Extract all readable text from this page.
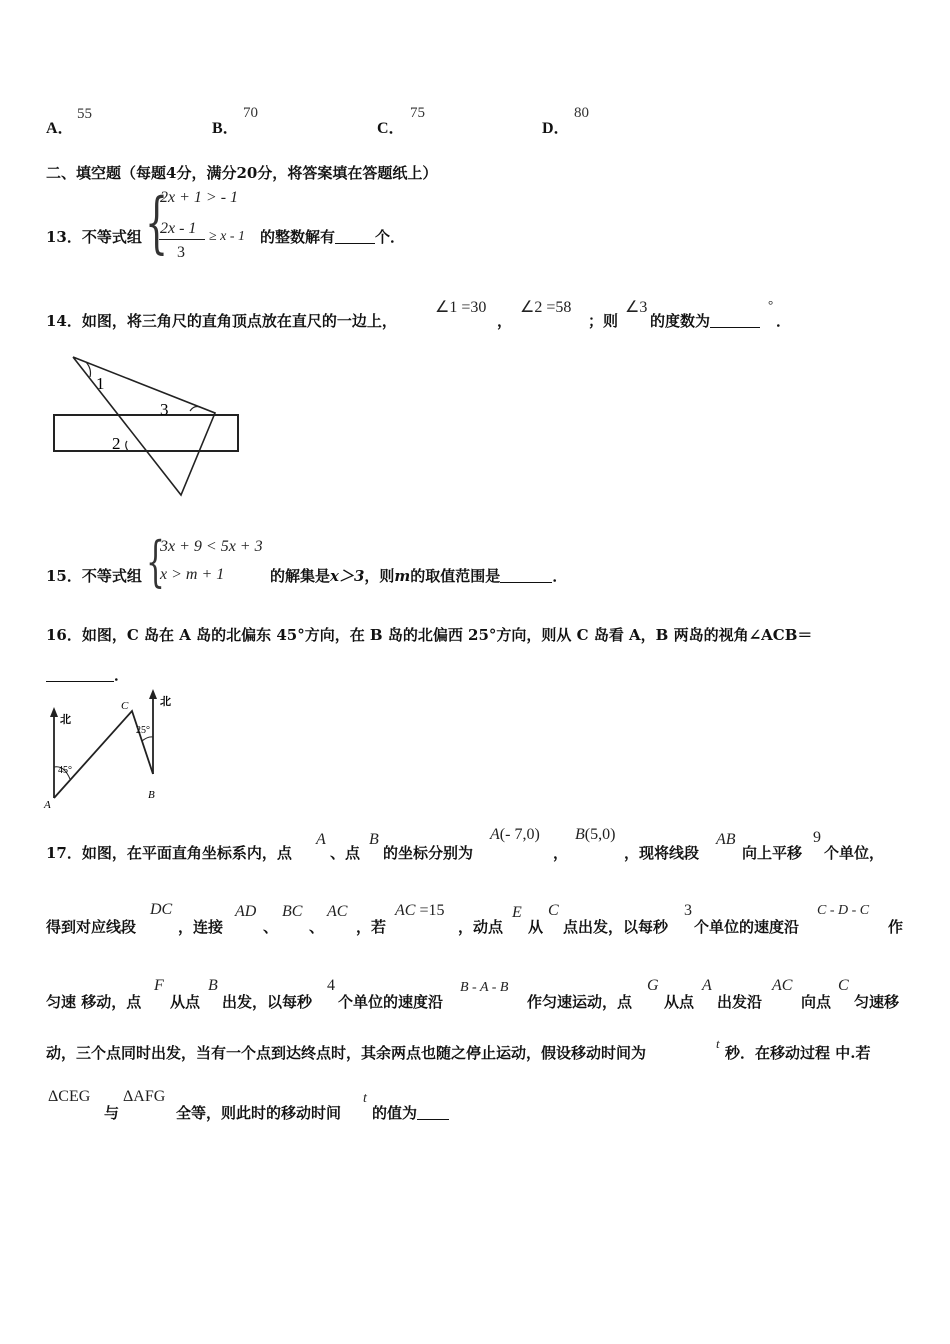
A．
55
B．
70
C．
75
D．
80
二、填空题（每题4分，满分20分，将答案填在答题纸上）
13．不等式组 {
2x + 1 > - 1
2x - 1
3
≥ x - 1 的整数解有	个．
14．如图，将三角尺的直角顶点放在直尺的一边上，
∠1 =30
，
∠2 =58
；则
∠3
的度数为
°
．
1
3
2
15．不等式组 {
3x + 9 < 5x + 3
x > m + 1	的解集是x＞3，则m的取值范围是	．
16．如图，C 岛在 A 岛的北偏东 45°方向，在 B 岛的北偏西 25°方向，则从 C 岛看 A，B 两岛的视角∠ACB＝
．
北
北
45°
25°
A
B
C
17．如图，在平面直角坐标系内，点
A
、点
B
的坐标分别为
A(- 7,0)
，
B(5,0)
，现将线段
AB
向上平移
9
个单位，
得到对应线段
DC
，连接
AD
、
BC
、
AC
，若
AC =15
，动点
E
从
C
点出发，以每秒
3
个单位的速度沿
C - D - C
作
匀速 移动，点
F
从点
B
出发，以每秒
4
个单位的速度沿
B - A - B
作匀速运动，点
G
从点
A
出发沿
AC
向点
C
匀速移
动，三个点同时出发，当有一个点到达终点时，其余两点也随之停止运动，假设移动时间为
t
秒．在移动过程 中.若
ΔCEG
与
ΔAFG
全等，则此时的移动时间
t
的值为
